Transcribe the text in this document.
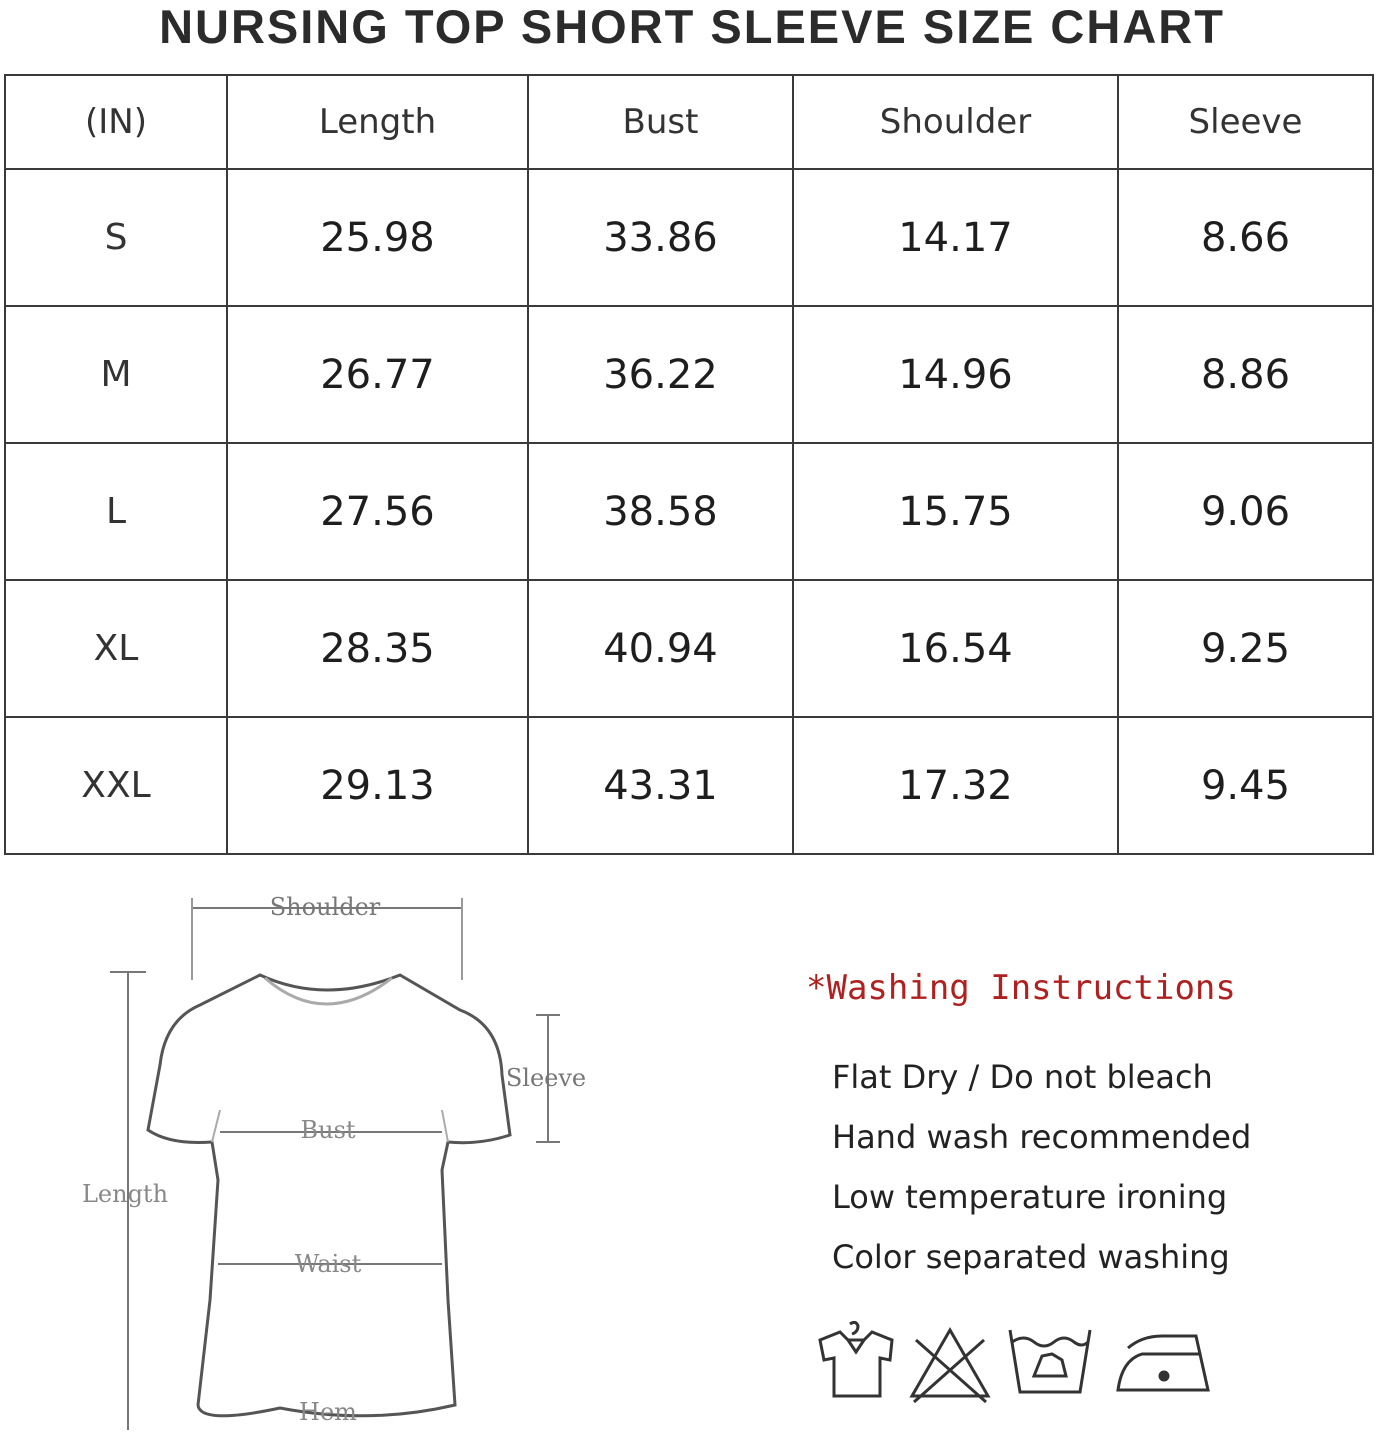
NURSING TOP SHORT SLEEVE SIZE CHART
(IN)	Length	Bust	Shoulder	Sleeve
S	25.98	33.86	14.17	8.66
M	26.77	36.22	14.96	8.86
L	27.56	38.58	15.75	9.06
XL	28.35	40.94	16.54	9.25
XXL	29.13	43.31	17.32	9.45
Shoulder
Sleeve
Bust
Length
Waist
Hem
*Washing Instructions
Flat Dry / Do not bleach
Hand wash recommended
Low temperature ironing
Color separated washing
